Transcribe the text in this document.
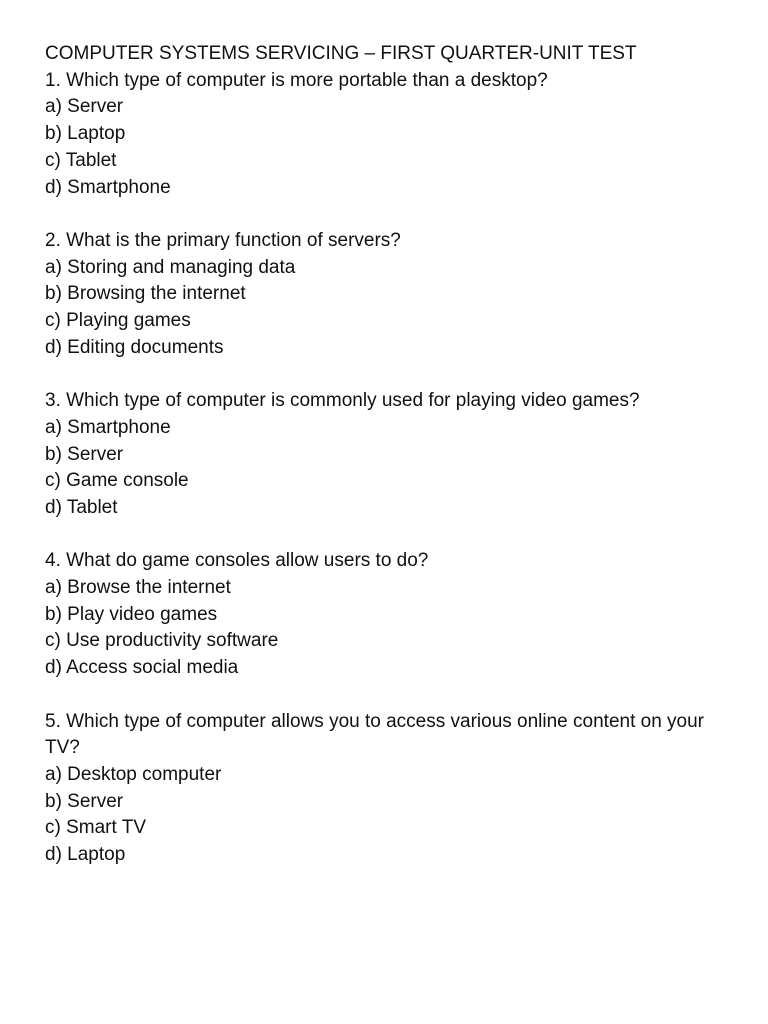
COMPUTER SYSTEMS SERVICING – FIRST QUARTER-UNIT TEST

1. Which type of computer is more portable than a desktop?

a) Server
b) Laptop
c) Tablet
d) Smartphone

2. What is the primary function of servers?

a) Storing and managing data
b) Browsing the internet
c) Playing games
d) Editing documents

3. Which type of computer is commonly used for playing video games?

a) Smartphone
b) Server
c) Game console
d) Tablet

4. What do game consoles allow users to do?

a) Browse the internet
b) Play video games
c) Use productivity software
d) Access social media

5. Which type of computer allows you to access various online content on your TV?

a) Desktop computer
b) Server
c) Smart TV
d) Laptop
